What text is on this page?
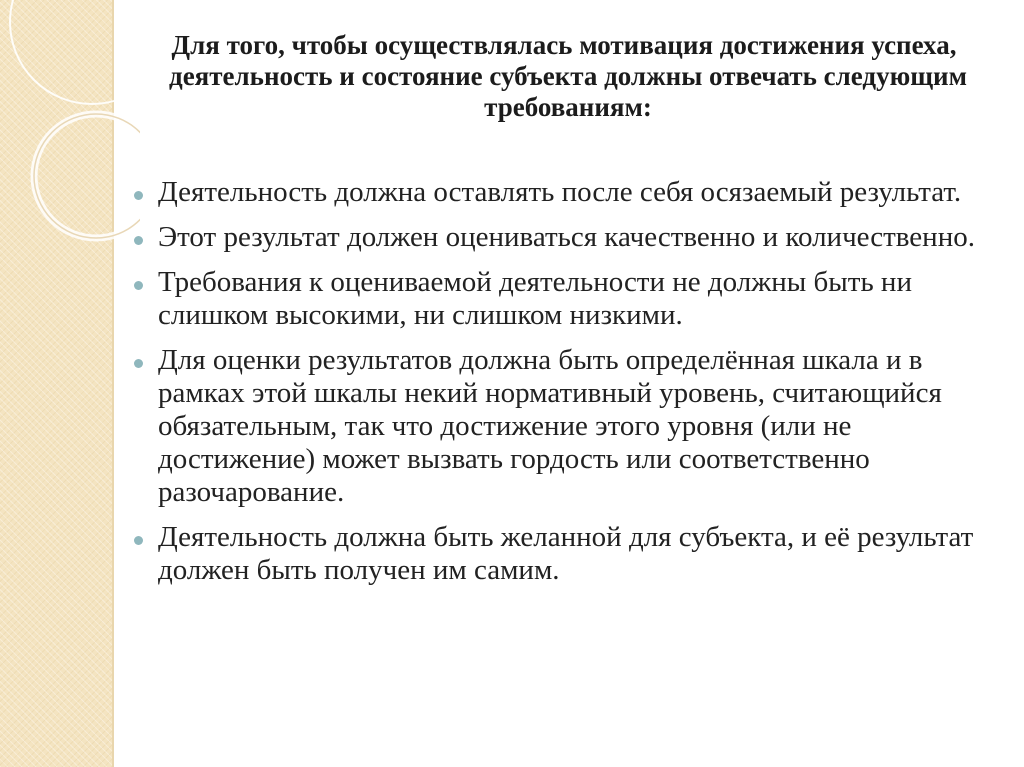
Для того, чтобы осуществлялась мотивация достижения успеха, деятельность и состояние субъекта должны отвечать следующим требованиям:
Деятельность должна оставлять после себя осязаемый результат.
Этот результат должен оцениваться качественно и количественно.
Требования к оцениваемой деятельности не должны быть ни слишком высокими, ни слишком низкими.
Для оценки результатов должна быть определённая шкала и в рамках этой шкалы некий нормативный уровень, считающийся обязательным, так что достижение этого уровня (или не достижение) может вызвать гордость или соответственно разочарование.
Деятельность должна быть желанной для субъекта, и её результат должен быть получен им самим.
